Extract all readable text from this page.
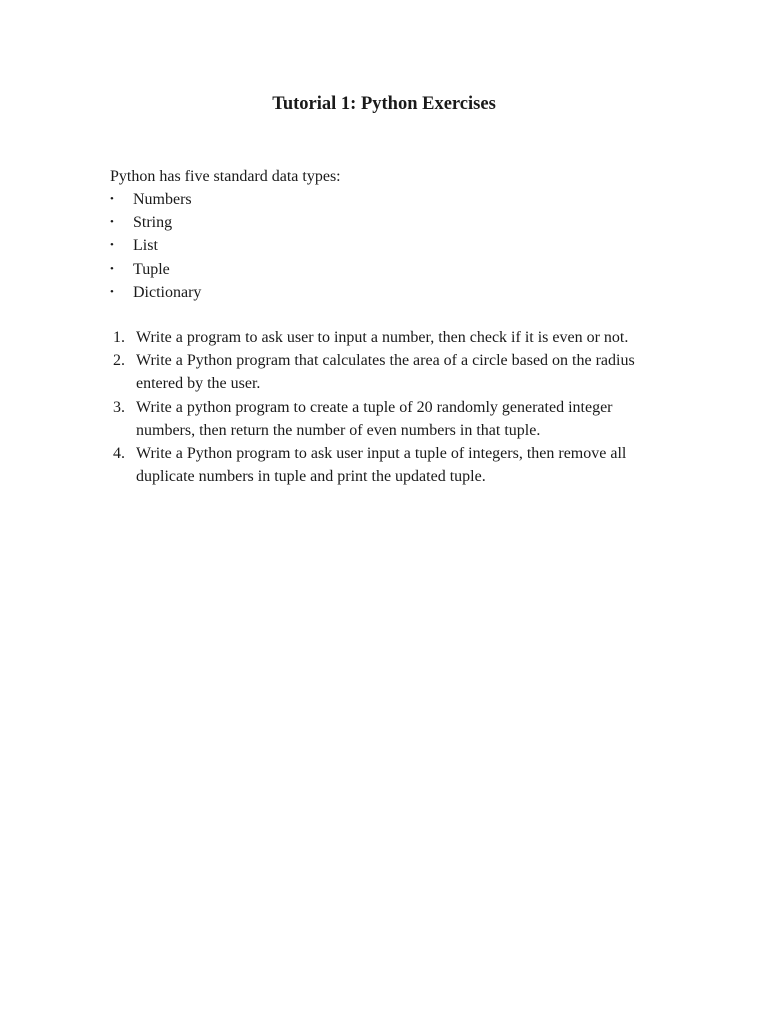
Tutorial 1: Python Exercises

Python has five standard data types:

•	Numbers
•	String
•	List
•	Tuple
•	Dictionary
1. Write a program to ask user to input a number, then check if it is even or not.
2. Write a Python program that calculates the area of a circle based on the radius entered by the user.
3. Write a python program to create a tuple of 20 randomly generated integer numbers, then return the number of even numbers in that tuple.
4. Write a Python program to ask user input a tuple of integers, then remove all duplicate numbers in tuple and print the updated tuple.
